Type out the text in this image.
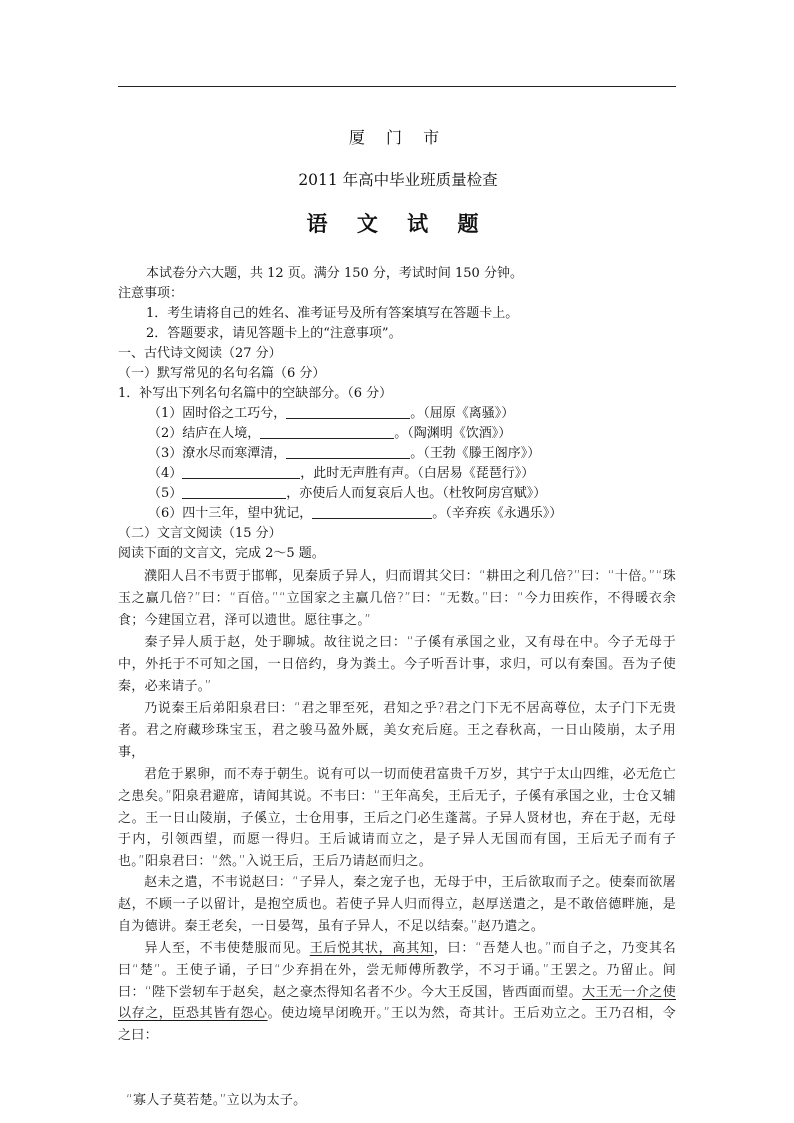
厦 门 市
2011 年高中毕业班质量检查
语 文 试 题
本试卷分六大题，共 12 页。满分 150 分，考试时间 150 分钟。
注意事项：
1．考生请将自己的姓名、准考证号及所有答案填写在答题卡上。
2．答题要求，请见答题卡上的“注意事项”。
一、古代诗文阅读（27 分）
（一）默写常见的名句名篇（6 分）
1．补写出下列名句名篇中的空缺部分。（6 分）
（1）固时俗之工巧兮，	。（屈原《离骚》）
（2）结庐在人境，	。（陶渊明《饮酒》）
（3）潦水尽而寒潭清，	。（王勃《滕王阁序》）
（4）	，此时无声胜有声。（白居易《琵琶行》）
（5）	，亦使后人而复哀后人也。（杜牧阿房宫赋》）
（6）四十三年，望中犹记，	。（辛弃疾《永遇乐》）
（二）文言文阅读（15 分）
阅读下面的文言文，完成 2～5 题。
濮阳人吕不韦贾于邯郸，见秦质子异人，归而谓其父曰：“耕田之利几倍?”曰：“十倍。”“珠玉之赢几倍?”曰：“百倍。”“立国家之主赢几倍?”曰：“无数。”曰：“今力田疾作，不得暖衣余食；今建国立君，泽可以遗世。愿往事之。”
秦子异人质于赵，处于聊城。故往说之曰：“子傒有承国之业，又有母在中。今子无母于中，外托于不可知之国，一日倍约，身为粪土。今子听吾计事，求归，可以有秦国。吾为子使秦，必来请子。”
乃说秦王后弟阳泉君曰：“君之罪至死，君知之乎?君之门下无不居高尊位，太子门下无贵者。君之府藏珍珠宝玉，君之骏马盈外厩，美女充后庭。王之春秋高，一日山陵崩，太子用事，
君危于累卵，而不寿于朝生。说有可以一切而使君富贵千万岁，其宁于太山四维，必无危亡之患矣。”阳泉君避席，请闻其说。不韦曰：“王年高矣，王后无子，子傒有承国之业，士仓又辅之。王一日山陵崩，子傒立，士仓用事，王后之门必生蓬蒿。子异人贤材也，弃在于赵，无母于内，引领西望，而愿一得归。王后诚请而立之，是子异人无国而有国，王后无子而有子也。”阳泉君曰：“然。”入说王后，王后乃请赵而归之。
赵未之遣，不韦说赵曰：“子异人，秦之宠子也，无母于中，王后欲取而子之。使秦而欲屠赵，不顾一子以留计，是抱空质也。若使子异人归而得立，赵厚送遣之，是不敢倍德畔施，是自为德讲。秦王老矣，一日晏驾，虽有子异人，不足以结秦。”赵乃遣之。
异人至，不韦使楚服而见。王后悦其状，高其知，曰：“吾楚人也。”而自子之，乃变其名曰“楚”。王使子诵，子曰“少弃捐在外，尝无师傅所教学，不习于诵。”王罢之。乃留止。间曰：“陛下尝轫车于赵矣，赵之豪杰得知名者不少。今大王反国，皆西面而望。大王无一介之使以存之，臣恐其皆有怨心。使边境早闭晚开。”王以为然，奇其计。王后劝立之。王乃召相，令之曰：
“寡人子莫若楚。”立以为太子。
